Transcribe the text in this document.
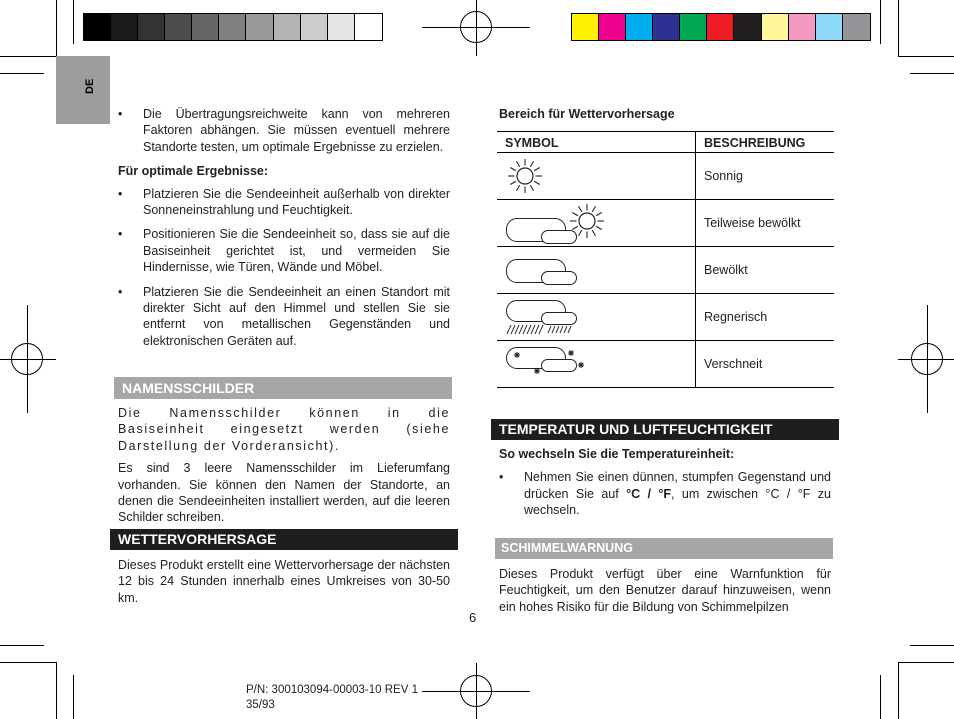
DE

• Die Übertragungsreichweite kann von mehreren Faktoren abhängen. Sie müssen eventuell mehrere Standorte testen, um optimale Ergebnisse zu erzielen.

Für optimale Ergebnisse:

• Platzieren Sie die Sendeeinheit außerhalb von direkter Sonneneinstrahlung und Feuchtigkeit.

• Positionieren Sie die Sendeeinheit so, dass sie auf die Basiseinheit gerichtet ist, und vermeiden Sie Hindernisse, wie Türen, Wände und Möbel.

• Platzieren Sie die Sendeeinheit an einen Standort mit direkter Sicht auf den Himmel und stellen Sie sie entfernt von metallischen Gegenständen und elektronischen Geräten auf.

NAMENSSCHILDER

Die Namensschilder können in die Basiseinheit eingesetzt werden (siehe Darstellung der Vorderansicht).

Es sind 3 leere Namensschilder im Lieferumfang vorhanden. Sie können den Namen der Standorte, an denen die Sendeeinheiten installiert werden, auf die leeren Schilder schreiben.

WETTERVORHERSAGE

Dieses Produkt erstellt eine Wettervorhersage der nächsten 12 bis 24 Stunden innerhalb eines Umkreises von 30-50 km.

Bereich für Wettervorhersage
SYMBOL	BESCHREIBUNG

	Sonnig

	Teilweise bewölkt

	Bewölkt

	Regnerisch

	Verschneit
TEMPERATUR UND LUFTFEUCHTIGKEIT

So wechseln Sie die Temperatureinheit:

• Nehmen Sie einen dünnen, stumpfen Gegenstand und drücken Sie auf °C / °F, um zwischen °C / °F zu wechseln.

SCHIMMELWARNUNG

Dieses Produkt verfügt über eine Warnfunktion für Feuchtigkeit, um den Benutzer darauf hinzuweisen, wenn ein hohes Risiko für die Bildung von Schimmelpilzen

6
P/N: 300103094-00003-10 REV 1
35/93
